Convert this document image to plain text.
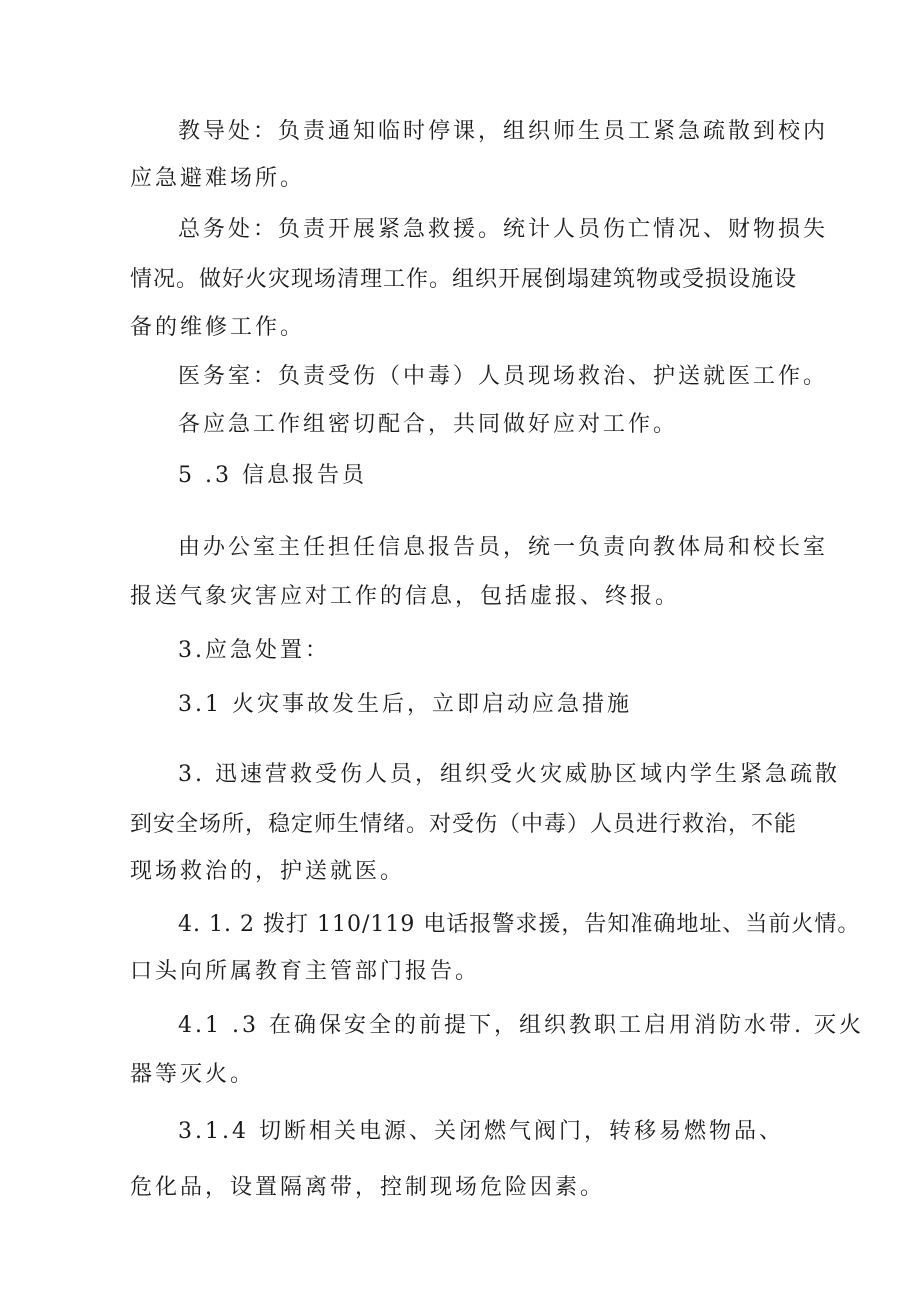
教导处：负责通知临时停课，组织师生员工紧急疏散到校内
应急避难场所。
总务处：负责开展紧急救援。统计人员伤亡情况、财物损失
情况。做好火灾现场清理工作。组织开展倒塌建筑物或受损设施设
备的维修工作。
医务室：负责受伤（中毒）人员现场救治、护送就医工作。
各应急工作组密切配合，共同做好应对工作。
5 .3 信息报告员
由办公室主任担任信息报告员，统一负责向教体局和校长室
报送气象灾害应对工作的信息，包括虚报、终报。
3.应急处置：
3.1 火灾事故发生后，立即启动应急措施
3. 迅速营救受伤人员，组织受火灾威胁区域内学生紧急疏散
到安全场所，稳定师生情绪。对受伤（中毒）人员进行救治，不能
现场救治的，护送就医。
4. 1. 2 拨打 110/119 电话报警求援，告知准确地址、当前火情。
口头向所属教育主管部门报告。
4.1 .3 在确保安全的前提下，组织教职工启用消防水带. 灭火
器等灭火。
3.1.4 切断相关电源、关闭燃气阀门，转移易燃物品、
危化品，设置隔离带，控制现场危险因素。
